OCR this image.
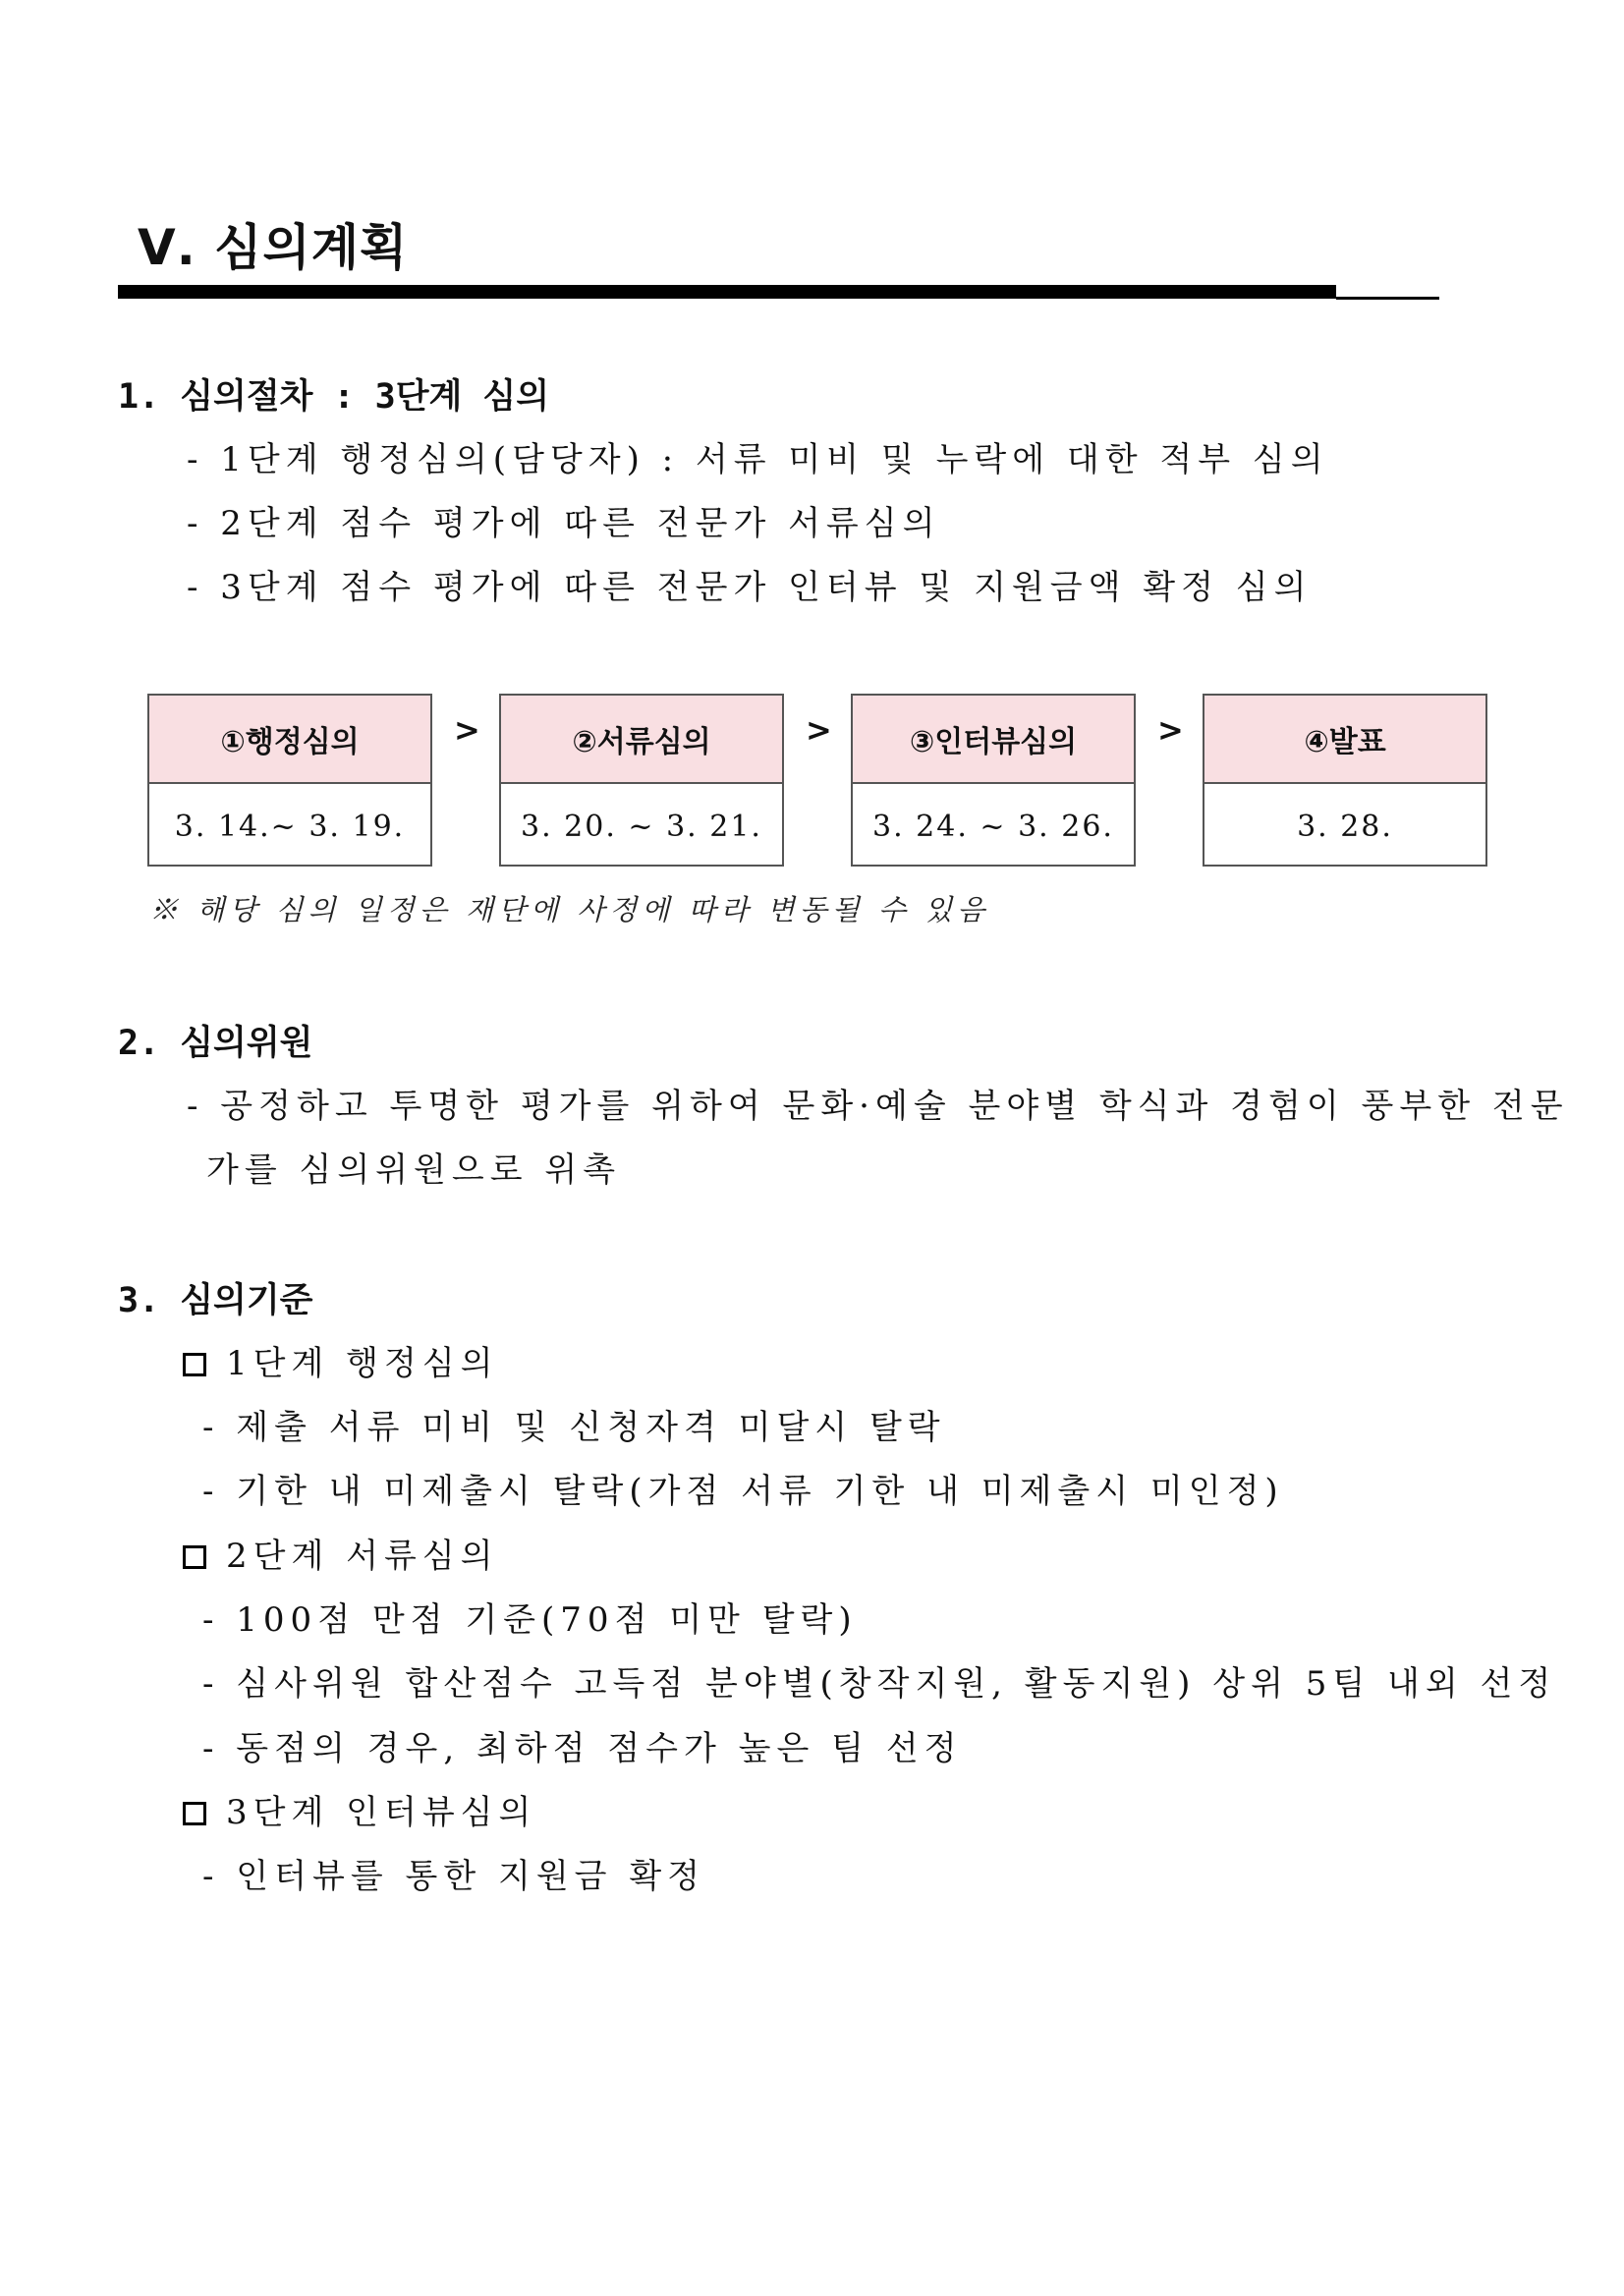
Ⅴ. 심의계획
1. 심의절차 : 3단계 심의
- 1단계 행정심의(담당자) : 서류 미비 및 누락에 대한 적부 심의
- 2단계 점수 평가에 따른 전문가 서류심의
- 3단계 점수 평가에 따른 전문가 인터뷰 및 지원금액 확정 심의
①행정심의
3. 14.~ 3. 19.
>	②서류심의
3. 20. ~ 3. 21.
>	③인터뷰심의
3. 24. ~ 3. 26.
>	④발표
3. 28.
※ 해당 심의 일정은 재단에 사정에 따라 변동될 수 있음
2. 심의위원
- 공정하고 투명한 평가를 위하여 문화·예술 분야별 학식과 경험이 풍부한 전문
가를 심의위원으로 위촉
3. 심의기준
1단계 행정심의
- 제출 서류 미비 및 신청자격 미달시 탈락
- 기한 내 미제출시 탈락(가점 서류 기한 내 미제출시 미인정)
2단계 서류심의
- 100점 만점 기준(70점 미만 탈락)
- 심사위원 합산점수 고득점 분야별(창작지원, 활동지원) 상위 5팀 내외 선정
- 동점의 경우, 최하점 점수가 높은 팀 선정
3단계 인터뷰심의
- 인터뷰를 통한 지원금 확정
